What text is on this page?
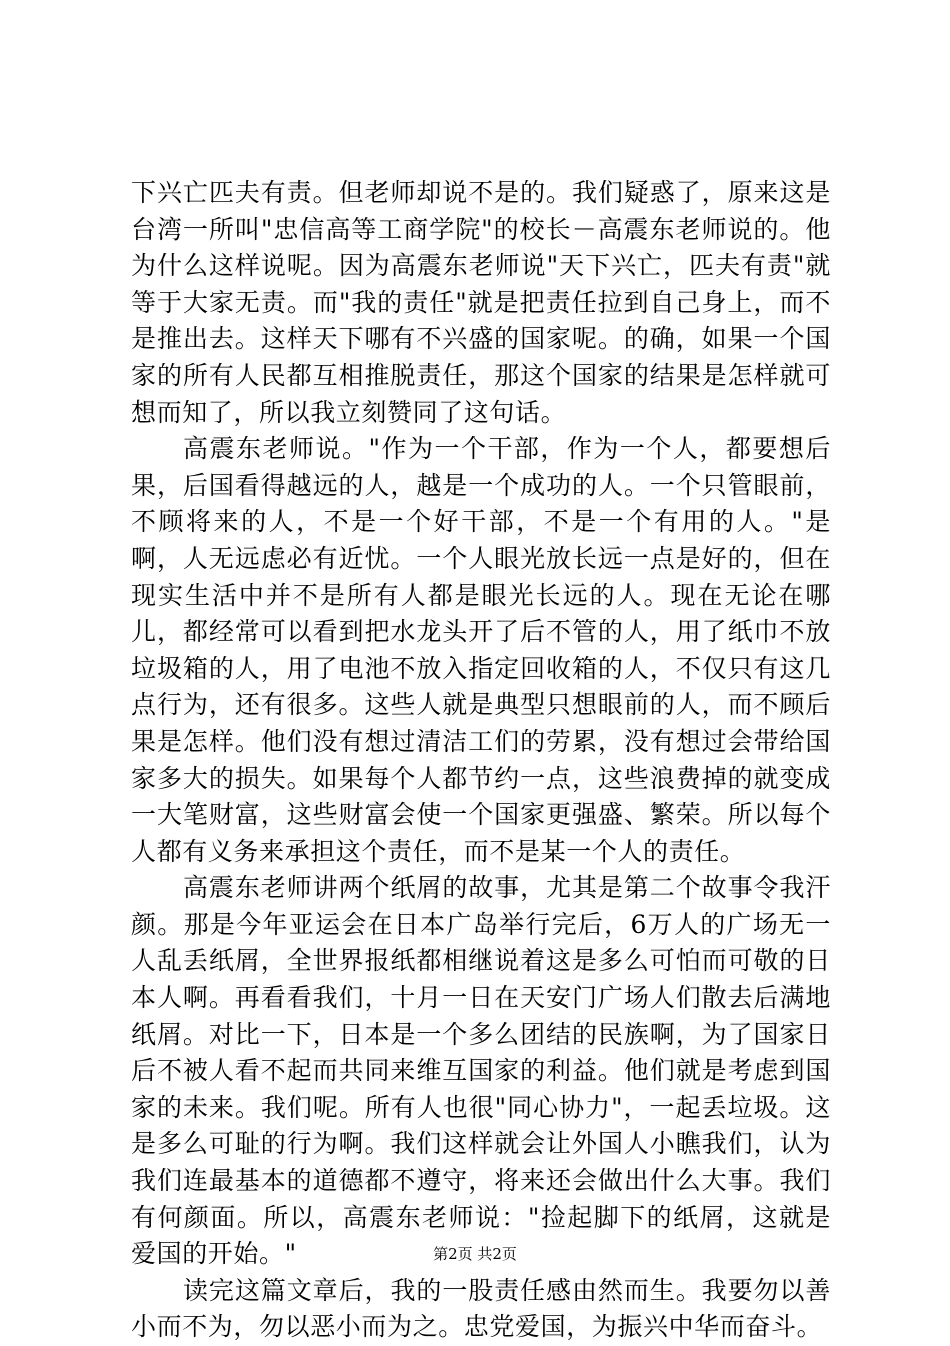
下兴亡匹夫有责。但老师却说不是的。我们疑惑了，原来这是台湾一所叫"忠信高等工商学院"的校长－高震东老师说的。他为什么这样说呢。因为高震东老师说"天下兴亡，匹夫有责"就等于大家无责。而"我的责任"就是把责任拉到自己身上，而不是推出去。这样天下哪有不兴盛的国家呢。的确，如果一个国家的所有人民都互相推脱责任，那这个国家的结果是怎样就可想而知了，所以我立刻赞同了这句话。

高震东老师说。"作为一个干部，作为一个人，都要想后果，后国看得越远的人，越是一个成功的人。一个只管眼前，不顾将来的人，不是一个好干部，不是一个有用的人。"是啊，人无远虑必有近忧。一个人眼光放长远一点是好的，但在现实生活中并不是所有人都是眼光长远的人。现在无论在哪儿，都经常可以看到把水龙头开了后不管的人，用了纸巾不放垃圾箱的人，用了电池不放入指定回收箱的人，不仅只有这几点行为，还有很多。这些人就是典型只想眼前的人，而不顾后果是怎样。他们没有想过清洁工们的劳累，没有想过会带给国家多大的损失。如果每个人都节约一点，这些浪费掉的就变成一大笔财富，这些财富会使一个国家更强盛、繁荣。所以每个人都有义务来承担这个责任，而不是某一个人的责任。

高震东老师讲两个纸屑的故事，尤其是第二个故事令我汗颜。那是今年亚运会在日本广岛举行完后，6万人的广场无一人乱丢纸屑，全世界报纸都相继说着这是多么可怕而可敬的日本人啊。再看看我们，十月一日在天安门广场人们散去后满地纸屑。对比一下，日本是一个多么团结的民族啊，为了国家日后不被人看不起而共同来维互国家的利益。他们就是考虑到国家的未来。我们呢。所有人也很"同心协力"，一起丢垃圾。这是多么可耻的行为啊。我们这样就会让外国人小瞧我们，认为我们连最基本的道德都不遵守，将来还会做出什么大事。我们有何颜面。所以，高震东老师说："捡起脚下的纸屑，这就是爱国的开始。"

读完这篇文章后，我的一股责任感由然而生。我要勿以善小而不为，勿以恶小而为之。忠党爱国，为振兴中华而奋斗。

第2页 共2页
